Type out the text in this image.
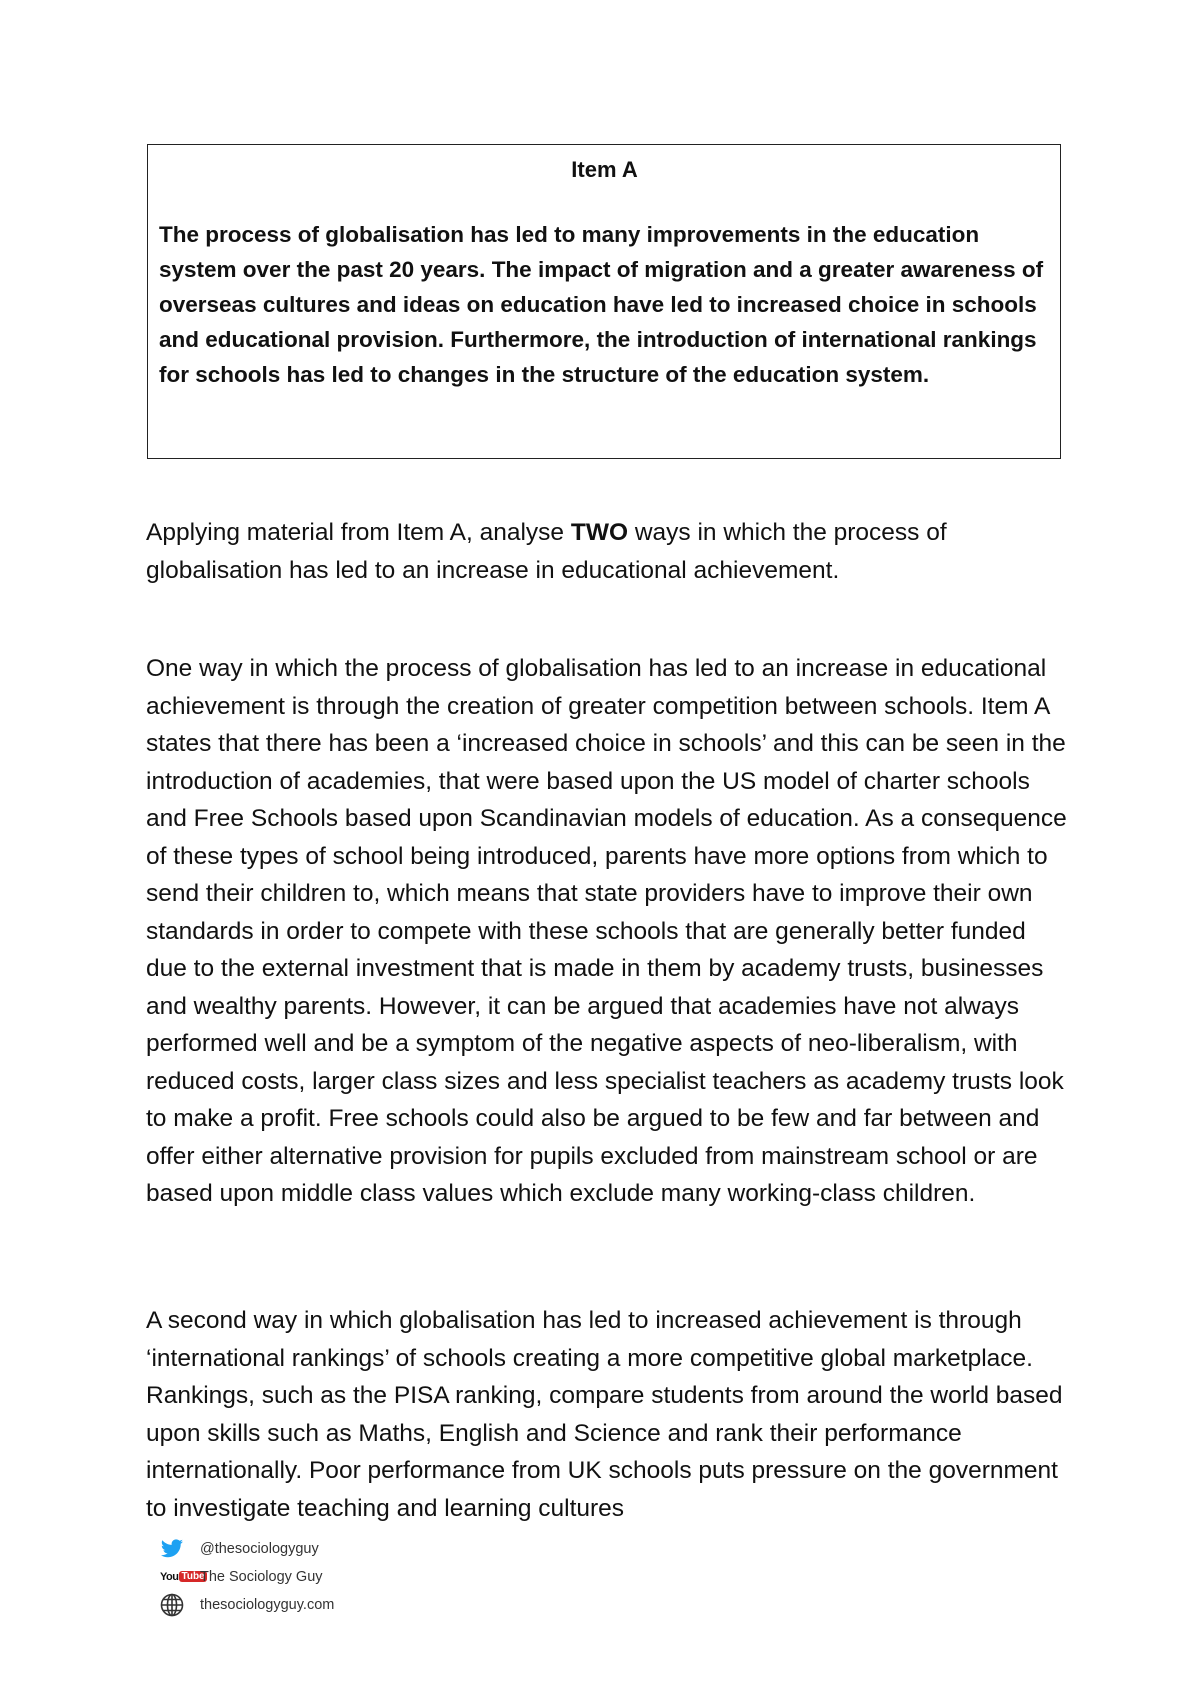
Item A

The process of globalisation has led to many improvements in the education system over the past 20 years. The impact of migration and a greater awareness of overseas cultures and ideas on education have led to increased choice in schools and educational provision. Furthermore, the introduction of international rankings for schools has led to changes in the structure of the education system.

Applying material from Item A, analyse TWO ways in which the process of globalisation has led to an increase in educational achievement.

One way in which the process of globalisation has led to an increase in educational achievement is through the creation of greater competition between schools. Item A states that there has been a ‘increased choice in schools’ and this can be seen in the introduction of academies, that were based upon the US model of charter schools and Free Schools based upon Scandinavian models of education. As a consequence of these types of school being introduced, parents have more options from which to send their children to, which means that state providers have to improve their own standards in order to compete with these schools that are generally better funded due to the external investment that is made in them by academy trusts, businesses and wealthy parents. However, it can be argued that academies have not always performed well and be a symptom of the negative aspects of neo-liberalism, with reduced costs, larger class sizes and less specialist teachers as academy trusts look to make a profit. Free schools could also be argued to be few and far between and offer either alternative provision for pupils excluded from mainstream school or are based upon middle class values which exclude many working-class children.

A second way in which globalisation has led to increased achievement is through ‘international rankings’ of schools creating a more competitive global marketplace. Rankings, such as the PISA ranking, compare students from around the world based upon skills such as Maths, English and Science and rank their performance internationally. Poor performance from UK schools puts pressure on the government to investigate teaching and learning cultures

@thesociologyguy
You Tube
The Sociology Guy
thesociologyguy.com
